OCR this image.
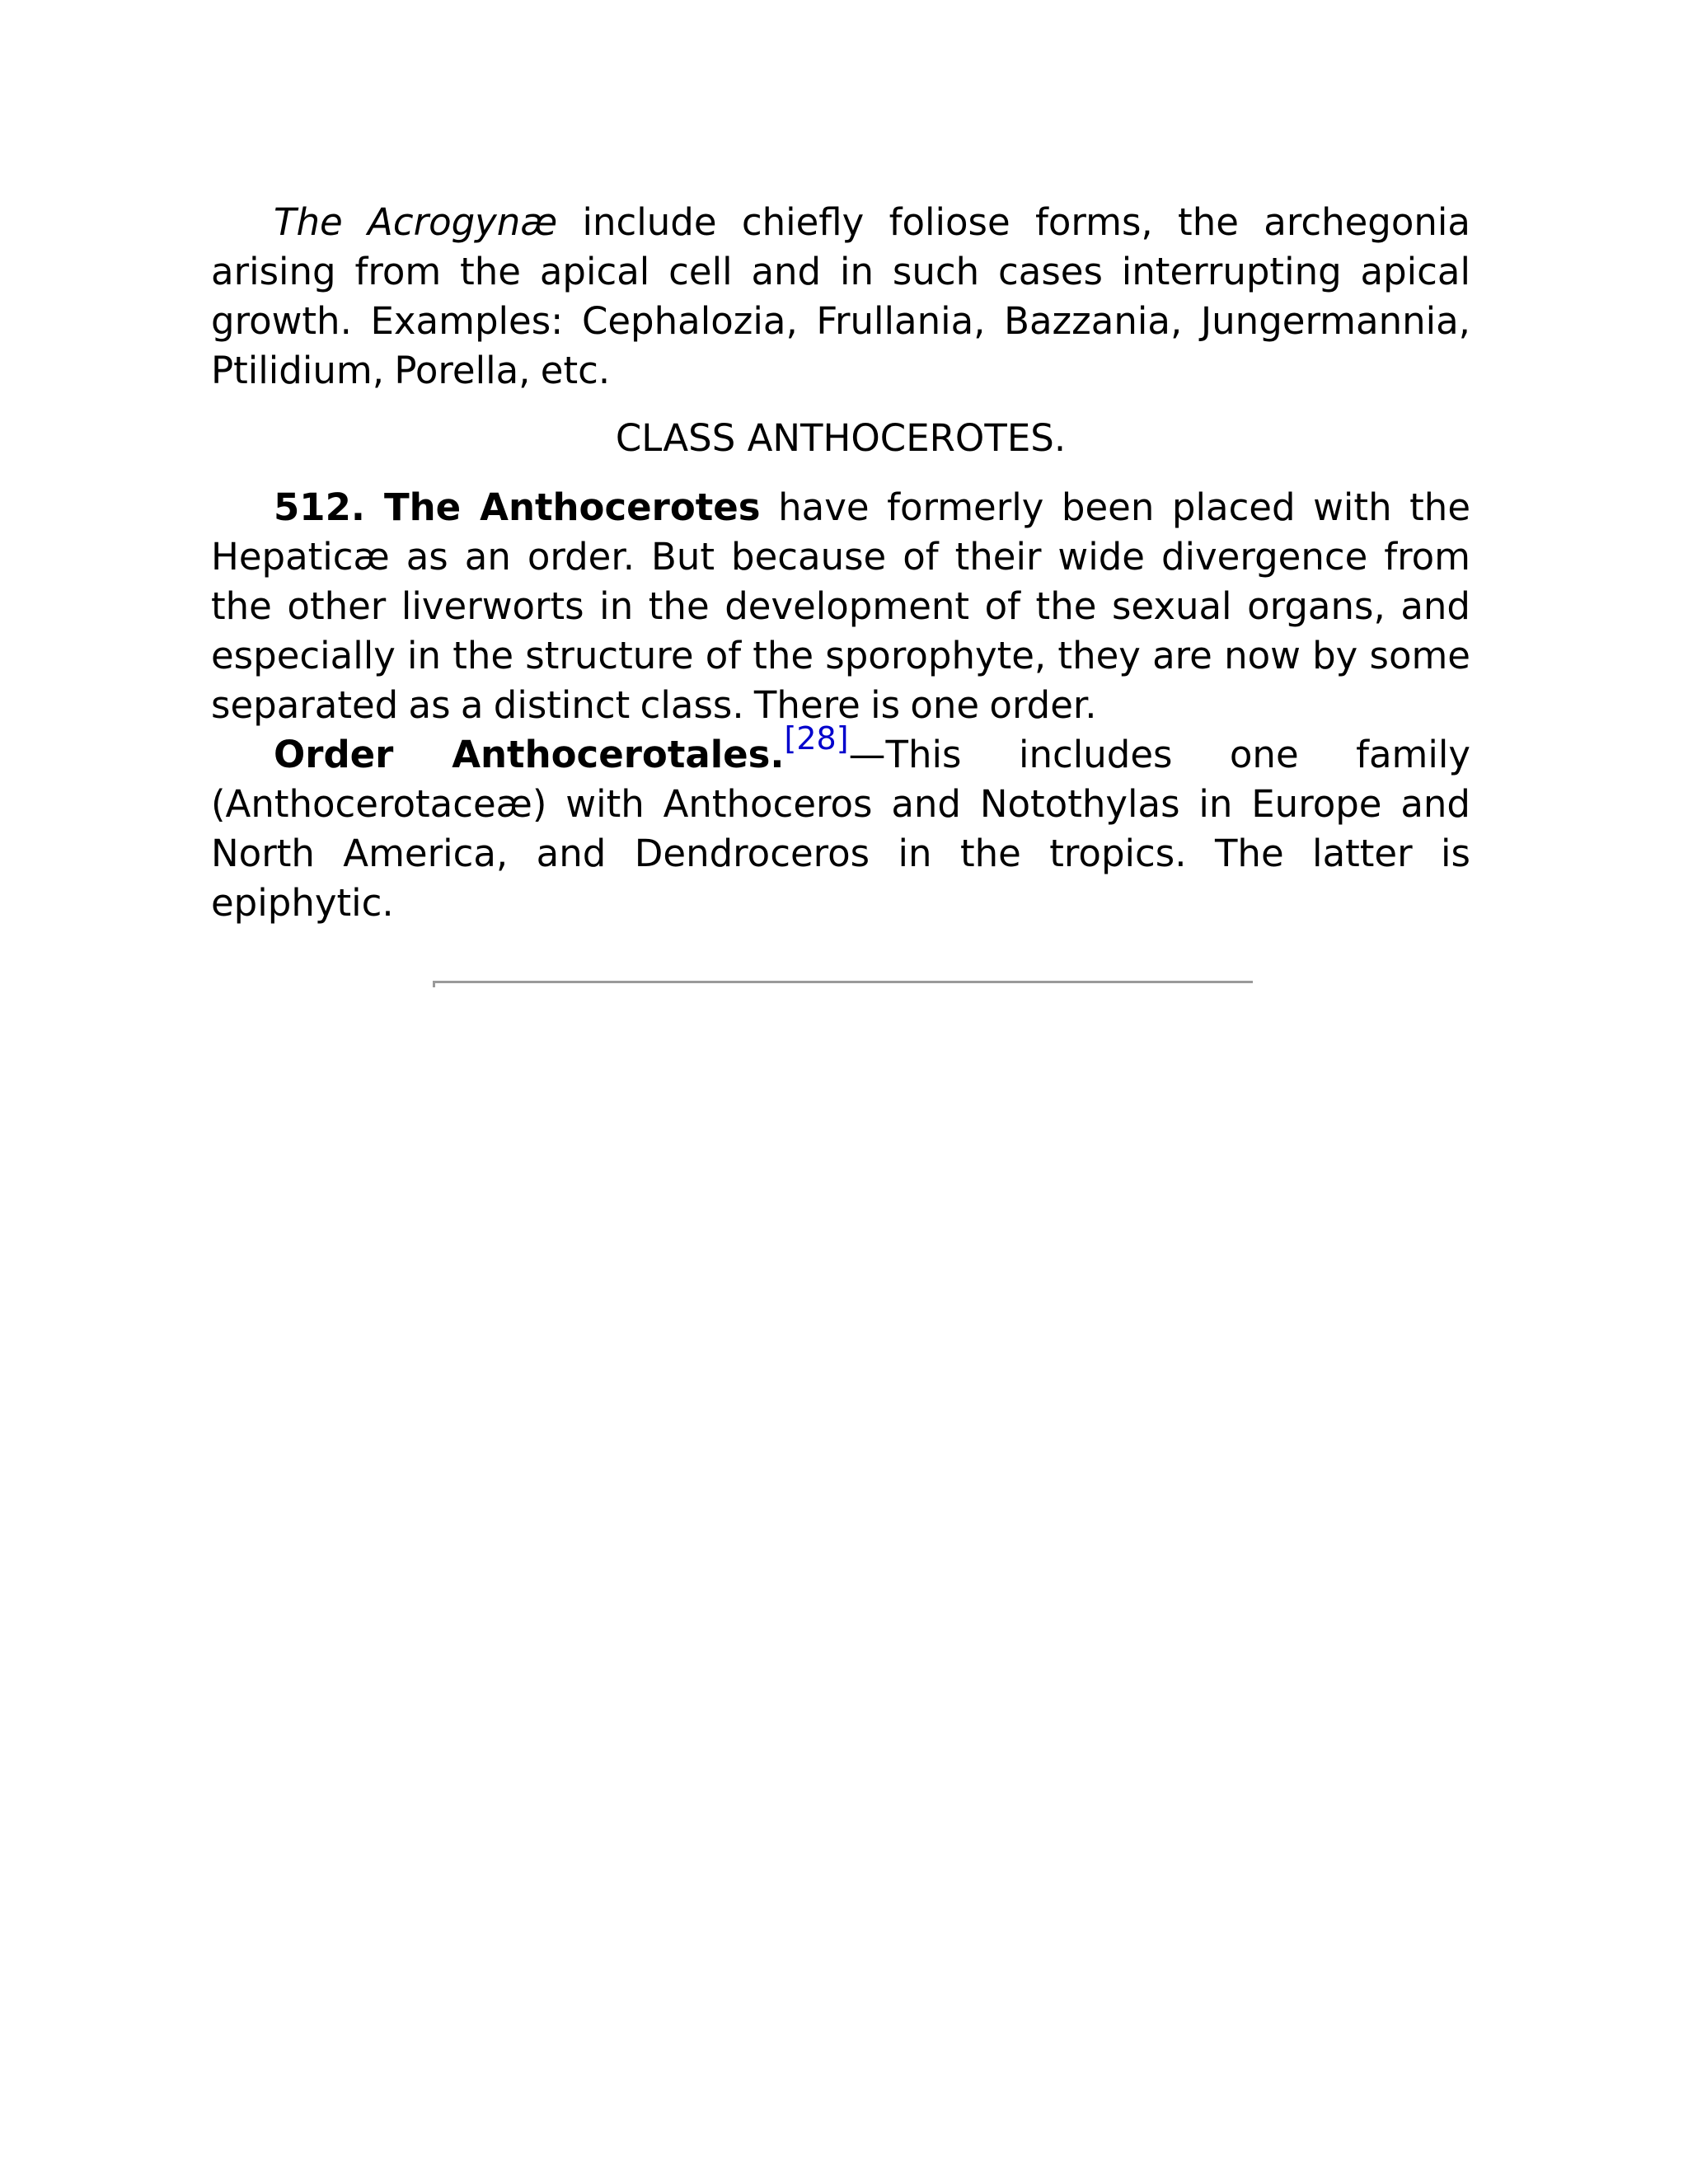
The Acrogynæ include chiefly foliose forms, the archegonia arising from the apical cell and in such cases interrupting apical growth. Examples: Cephalozia, Frullania, Bazzania, Jungermannia, Ptilidium, Porella, etc.

CLASS ANTHOCEROTES.

512. The Anthocerotes have formerly been placed with the Hepaticæ as an order. But because of their wide divergence from the other liverworts in the development of the sexual organs, and especially in the structure of the sporophyte, they are now by some separated as a distinct class. There is one order.

Order Anthocerotales.[28]—This includes one family (Anthocerotaceæ) with Anthoceros and Notothylas in Europe and North America, and Dendroceros in the tropics. The latter is epiphytic.
